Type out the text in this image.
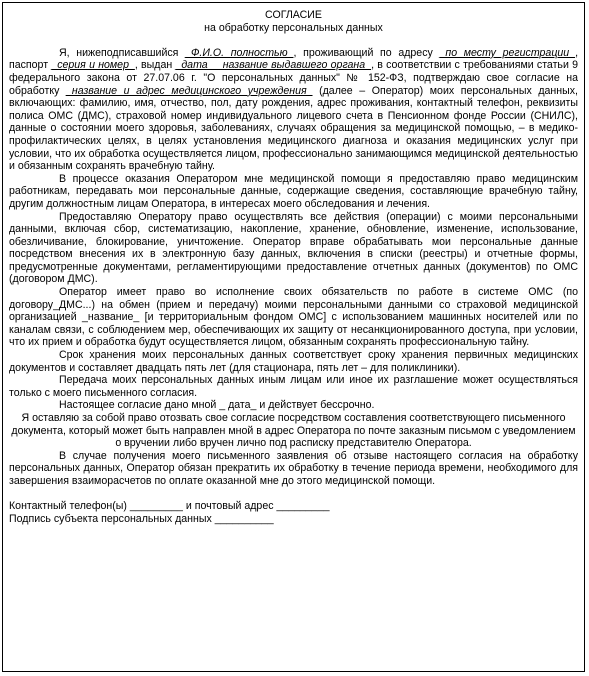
СОГЛАСИЕ

на обработку персональных данных

Я, нижеподписавшийся _Ф.И.О. полностью_, проживающий по адресу _по месту регистрации_, паспорт _серия и номер_, выдан _дата_ _название выдавшего органа_, в соответствии с требованиями статьи 9 федерального закона от 27.07.06 г. "О персональных данных" № 152-ФЗ, подтверждаю свое согласие на обработку _название и адрес медицинского учреждения_ (далее – Оператор) моих персональных данных, включающих: фамилию, имя, отчество, пол, дату рождения, адрес проживания, контактный телефон, реквизиты полиса ОМС (ДМС), страховой номер индивидуального лицевого счета в Пенсионном фонде России (СНИЛС), данные о состоянии моего здоровья, заболеваниях, случаях обращения за медицинской помощью, – в медико-профилактических целях, в целях установления медицинского диагноза и оказания медицинских услуг при условии, что их обработка осуществляется лицом, профессионально занимающимся медицинской деятельностью и обязанным сохранять врачебную тайну.

В процессе оказания Оператором мне медицинской помощи я предоставляю право медицинским работникам, передавать мои персональные данные, содержащие сведения, составляющие врачебную тайну, другим должностным лицам Оператора, в интересах моего обследования и лечения.

Предоставляю Оператору право осуществлять все действия (операции) с моими персональными данными, включая сбор, систематизацию, накопление, хранение, обновление, изменение, использование, обезличивание, блокирование, уничтожение. Оператор вправе обрабатывать мои персональные данные посредством внесения их в электронную базу данных, включения в списки (реестры) и отчетные формы, предусмотренные документами, регламентирующими предоставление отчетных данных (документов) по ОМС (договором ДМС).

Оператор имеет право во исполнение своих обязательств по работе в системе ОМС (по договору_ДМС...) на обмен (прием и передачу) моими персональными данными со страховой медицинской организацией _название_ [и территориальным фондом ОМС] с использованием машинных носителей или по каналам связи, с соблюдением мер, обеспечивающих их защиту от несанкционированного доступа, при условии, что их прием и обработка будут осуществляется лицом, обязанным сохранять профессиональную тайну.

Срок хранения моих персональных данных соответствует сроку хранения первичных медицинских документов и составляет двадцать пять лет (для стационара, пять лет – для поликлиники).

Передача моих персональных данных иным лицам или иное их разглашение может осуществляться только с моего письменного согласия.

Настоящее согласие дано мной _ дата_ и действует бессрочно.

Я оставляю за собой право отозвать свое согласие посредством составления соответствующего письменного документа, который может быть направлен мной в адрес Оператора по почте заказным письмом с уведомлением о вручении либо вручен лично под расписку представителю Оператора.

В случае получения моего письменного заявления об отзыве настоящего согласия на обработку персональных данных, Оператор обязан прекратить их обработку в течение периода времени, необходимого для завершения взаиморасчетов по оплате оказанной мне до этого медицинской помощи.

Контактный телефон(ы) _________ и почтовый адрес _________

Подпись субъекта персональных данных __________
